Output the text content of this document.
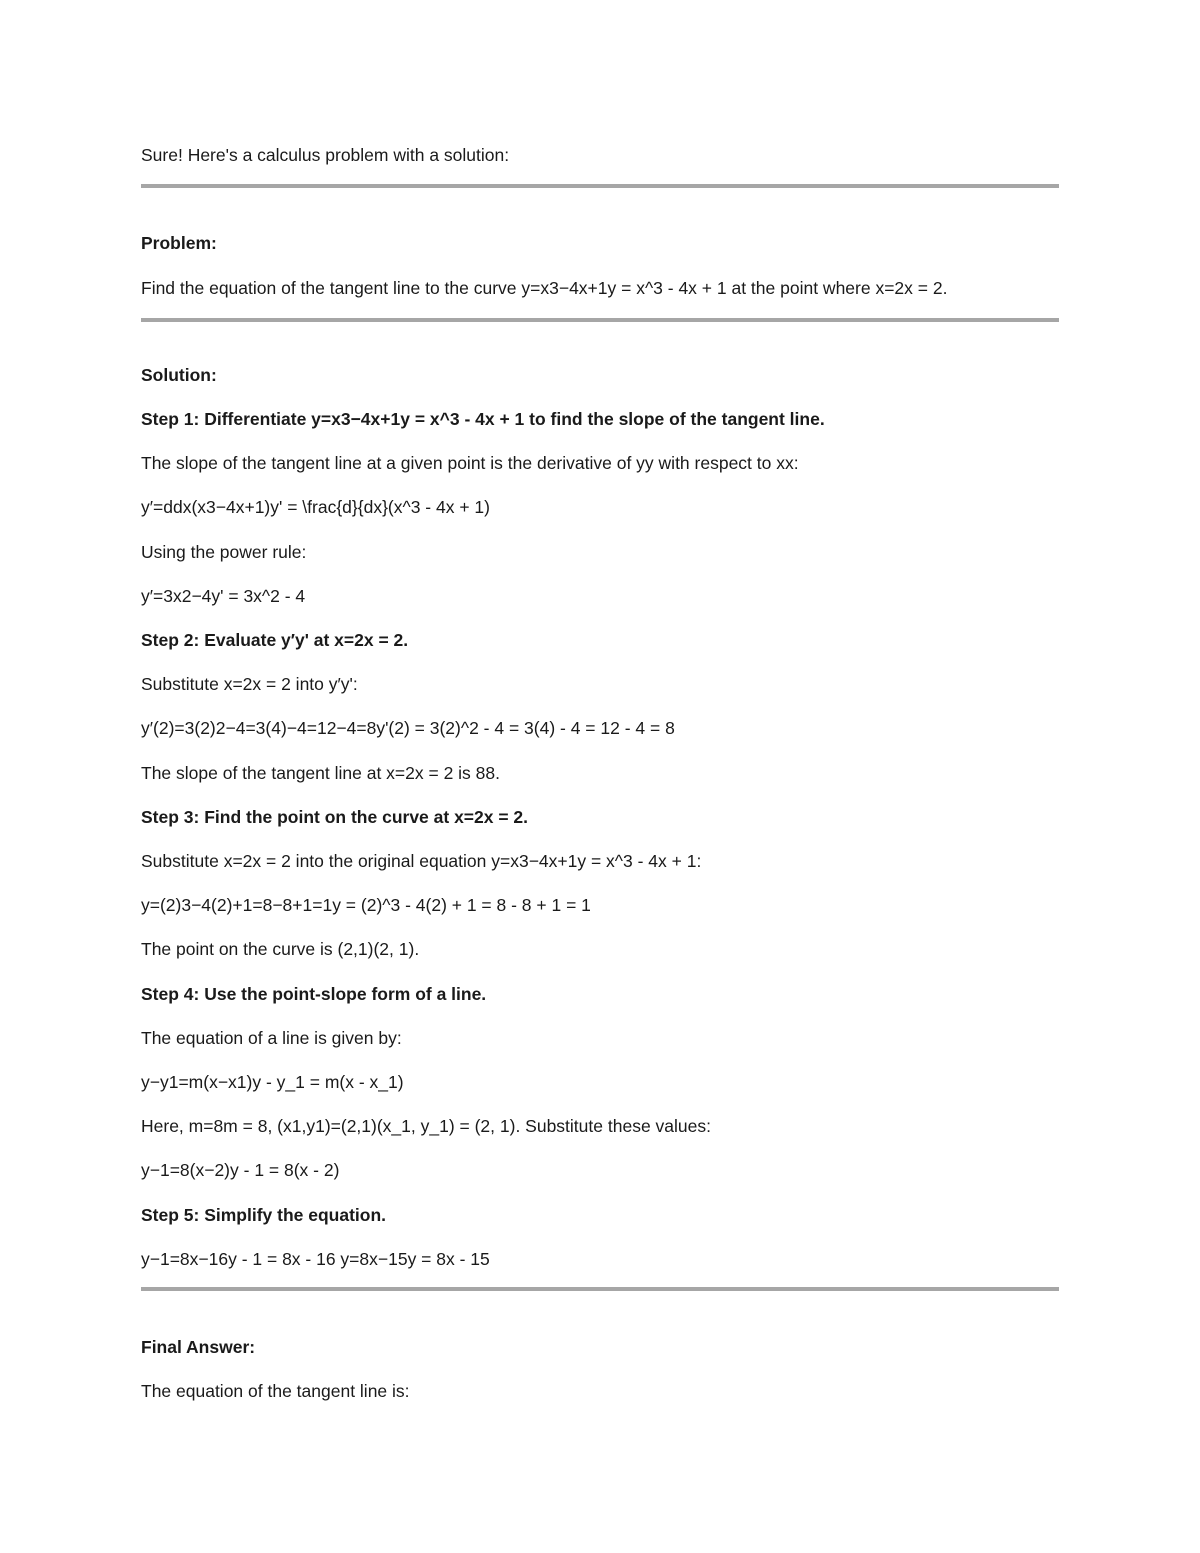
Sure! Here's a calculus problem with a solution:
Problem:
Find the equation of the tangent line to the curve y=x3−4x+1y = x^3 - 4x + 1 at the point where x=2x = 2.
Solution:
Step 1: Differentiate y=x3−4x+1y = x^3 - 4x + 1 to find the slope of the tangent line.
The slope of the tangent line at a given point is the derivative of yy with respect to xx:
y′=ddx(x3−4x+1)y' = \frac{d}{dx}(x^3 - 4x + 1)
Using the power rule:
y′=3x2−4y' = 3x^2 - 4
Step 2: Evaluate y′y' at x=2x = 2.
Substitute x=2x = 2 into y′y':
y′(2)=3(2)2−4=3(4)−4=12−4=8y'(2) = 3(2)^2 - 4 = 3(4) - 4 = 12 - 4 = 8
The slope of the tangent line at x=2x = 2 is 88.
Step 3: Find the point on the curve at x=2x = 2.
Substitute x=2x = 2 into the original equation y=x3−4x+1y = x^3 - 4x + 1:
y=(2)3−4(2)+1=8−8+1=1y = (2)^3 - 4(2) + 1 = 8 - 8 + 1 = 1
The point on the curve is (2,1)(2, 1).
Step 4: Use the point-slope form of a line.
The equation of a line is given by:
y−y1=m(x−x1)y - y_1 = m(x - x_1)
Here, m=8m = 8, (x1,y1)=(2,1)(x_1, y_1) = (2, 1). Substitute these values:
y−1=8(x−2)y - 1 = 8(x - 2)
Step 5: Simplify the equation.
y−1=8x−16y - 1 = 8x - 16 y=8x−15y = 8x - 15
Final Answer:
The equation of the tangent line is:
